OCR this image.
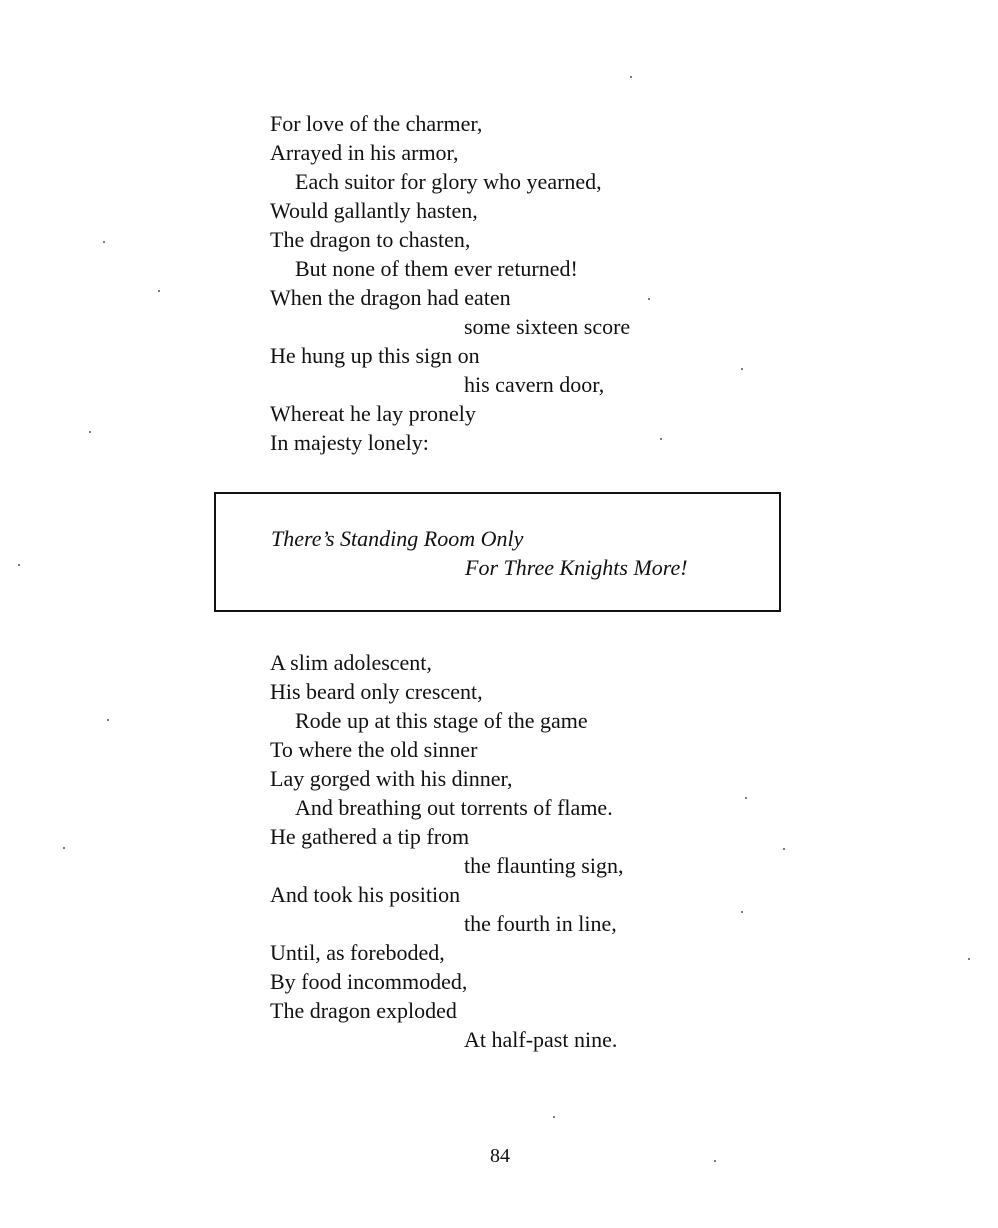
For love of the charmer,
Arrayed in his armor,
Each suitor for glory who yearned,
Would gallantly hasten,
The dragon to chasten,
But none of them ever returned!
When the dragon had eaten
some sixteen score
He hung up this sign on
his cavern door,
Whereat he lay pronely
In majesty lonely:
There’s Standing Room Only
For Three Knights More!
A slim adolescent,
His beard only crescent,
Rode up at this stage of the game
To where the old sinner
Lay gorged with his dinner,
And breathing out torrents of flame.
He gathered a tip from
the flaunting sign,
And took his position
the fourth in line,
Until, as foreboded,
By food incommoded,
The dragon exploded
At half-past nine.
84
